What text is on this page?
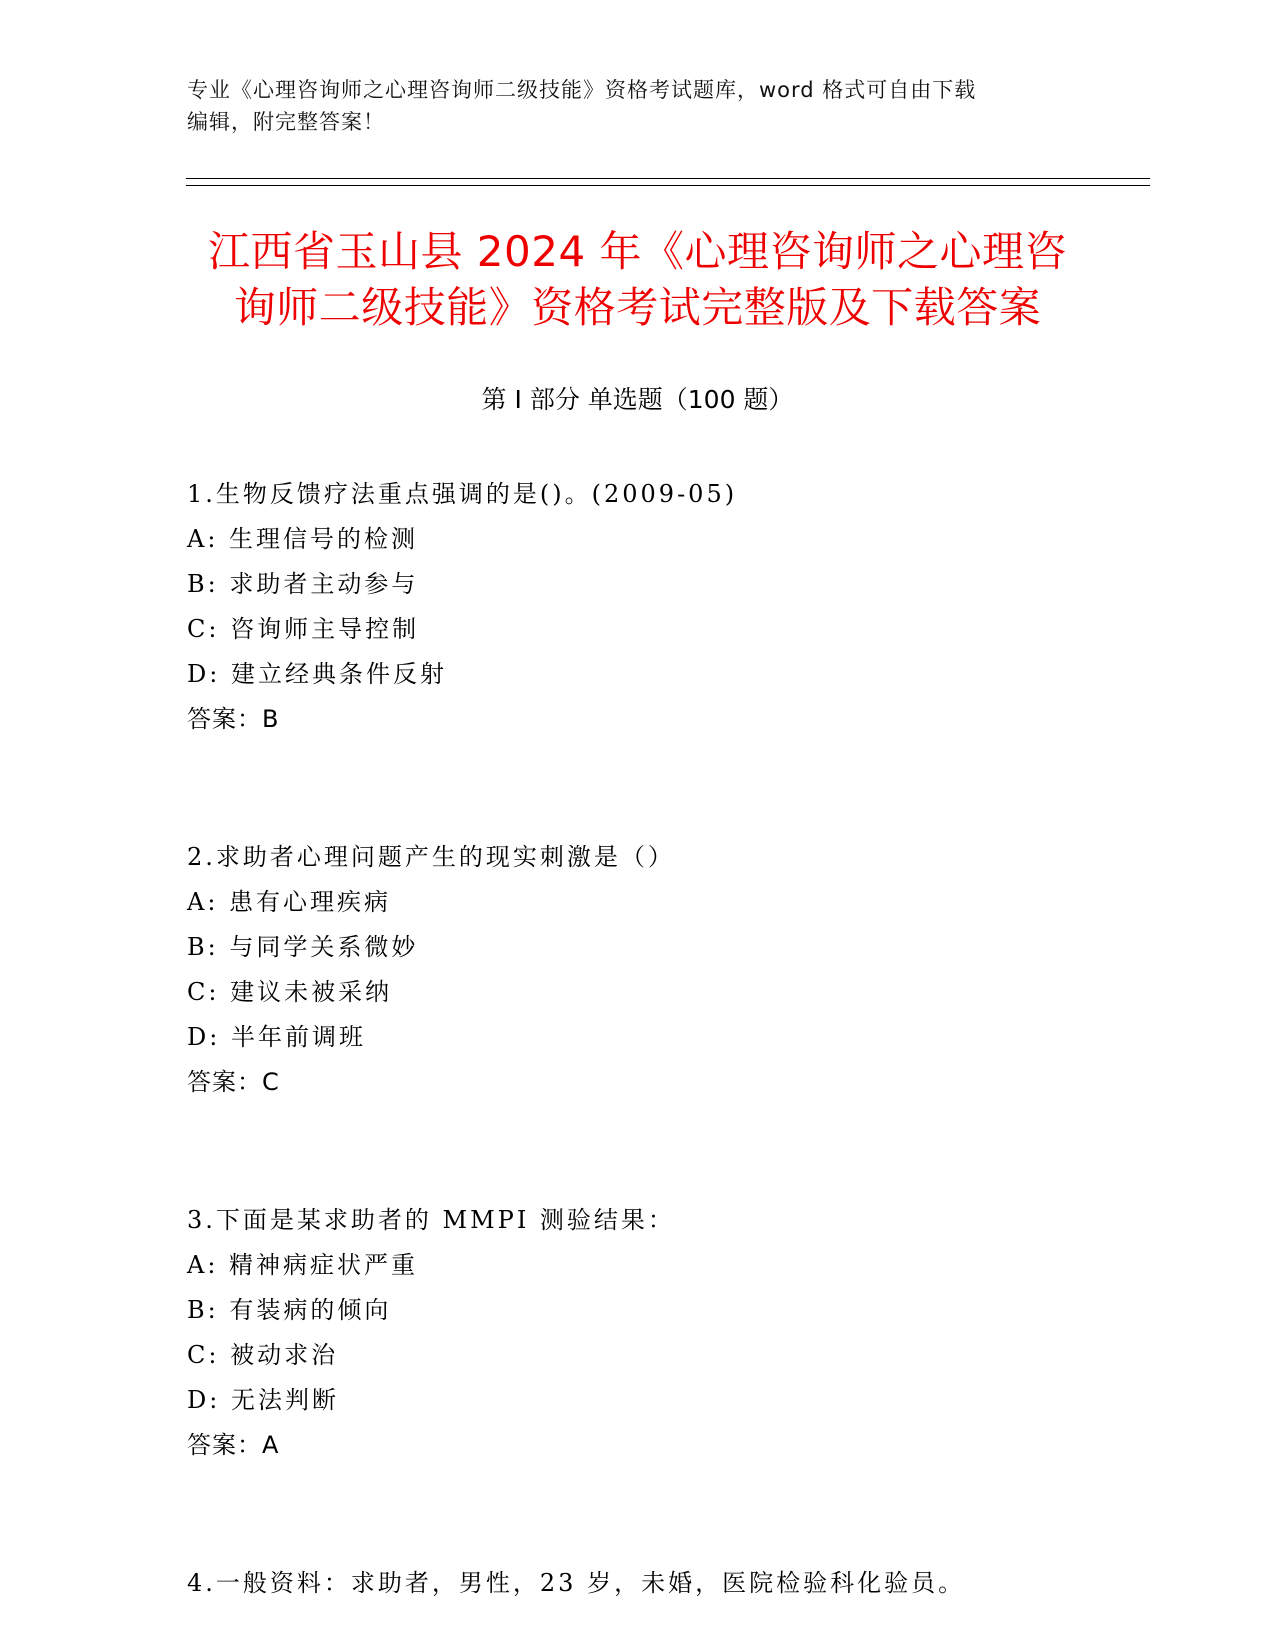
专业《心理咨询师之心理咨询师二级技能》资格考试题库，word 格式可自由下载
编辑，附完整答案！
江西省玉山县 2024 年《心理咨询师之心理咨
询师二级技能》资格考试完整版及下载答案
第 I 部分 单选题（100 题）
1.生物反馈疗法重点强调的是()。(2009-05)
A: 生理信号的检测
B: 求助者主动参与
C: 咨询师主导控制
D: 建立经典条件反射
答案：B
2.求助者心理问题产生的现实刺激是（）
A: 患有心理疾病
B: 与同学关系微妙
C: 建议未被采纳
D: 半年前调班
答案：C
3.下面是某求助者的 MMPI 测验结果：
A: 精神病症状严重
B: 有装病的倾向
C: 被动求治
D: 无法判断
答案：A
4.一般资料：求助者，男性，23 岁，未婚，医院检验科化验员。
